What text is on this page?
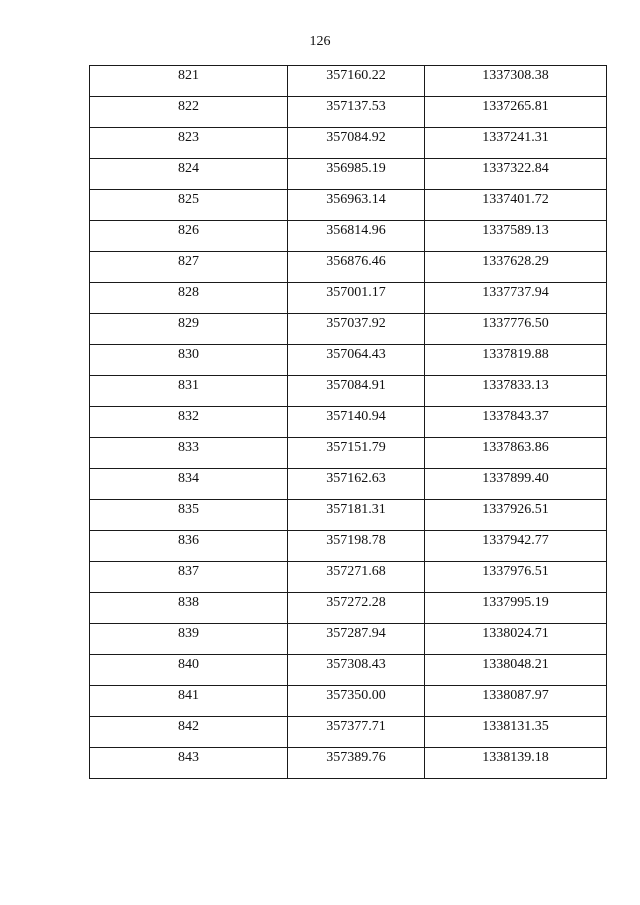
126
821	357160.22	1337308.38
822	357137.53	1337265.81
823	357084.92	1337241.31
824	356985.19	1337322.84
825	356963.14	1337401.72
826	356814.96	1337589.13
827	356876.46	1337628.29
828	357001.17	1337737.94
829	357037.92	1337776.50
830	357064.43	1337819.88
831	357084.91	1337833.13
832	357140.94	1337843.37
833	357151.79	1337863.86
834	357162.63	1337899.40
835	357181.31	1337926.51
836	357198.78	1337942.77
837	357271.68	1337976.51
838	357272.28	1337995.19
839	357287.94	1338024.71
840	357308.43	1338048.21
841	357350.00	1338087.97
842	357377.71	1338131.35
843	357389.76	1338139.18
